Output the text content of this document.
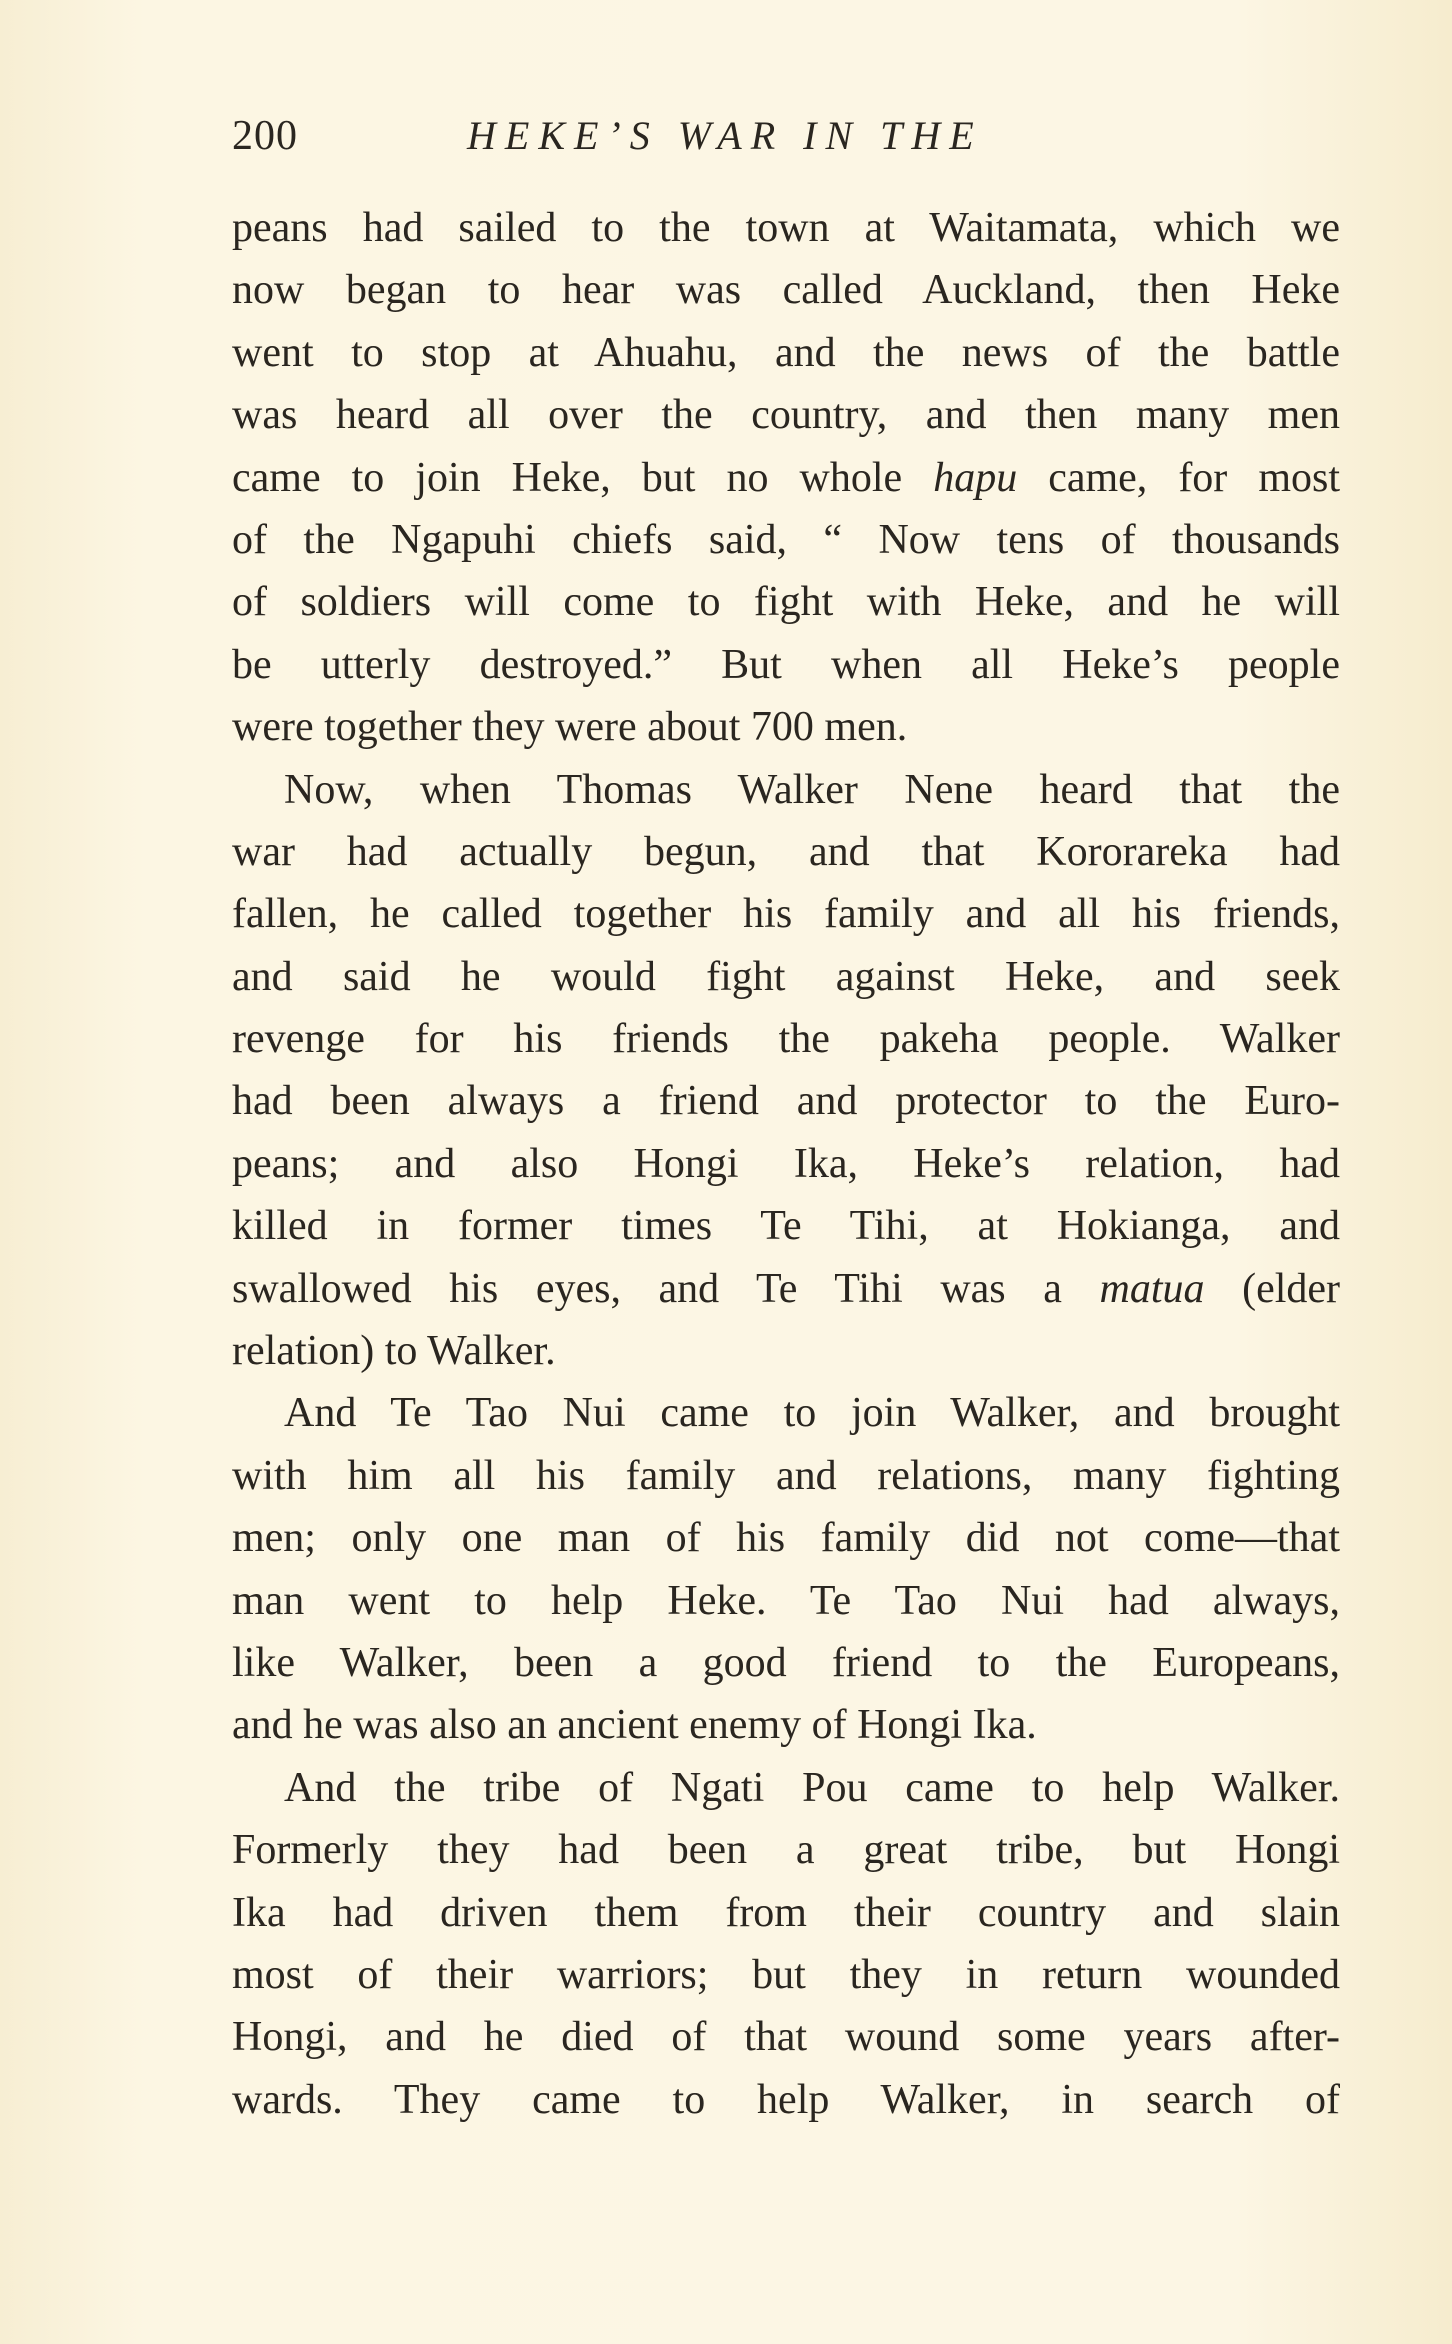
200	HEKE’S WAR IN THE
peans had sailed to the town at Waitamata, which we
now began to hear was called Auckland, then Heke
went to stop at Ahuahu, and the news of the battle
was heard all over the country, and then many men
came to join Heke, but no whole hapu came, for most
of the Ngapuhi chiefs said, “ Now tens of thousands
of soldiers will come to fight with Heke, and he will
be utterly destroyed.” But when all Heke’s people
were together they were about 700 men.
Now, when Thomas Walker Nene heard that the
war had actually begun, and that Kororareka had
fallen, he called together his family and all his friends,
and said he would fight against Heke, and seek
revenge for his friends the pakeha people. Walker
had been always a friend and protector to the Euro-
peans; and also Hongi Ika, Heke’s relation, had
killed in former times Te Tihi, at Hokianga, and
swallowed his eyes, and Te Tihi was a matua (elder
relation) to Walker.
And Te Tao Nui came to join Walker, and brought
with him all his family and relations, many fighting
men; only one man of his family did not come—that
man went to help Heke. Te Tao Nui had always,
like Walker, been a good friend to the Europeans,
and he was also an ancient enemy of Hongi Ika.
And the tribe of Ngati Pou came to help Walker.
Formerly they had been a great tribe, but Hongi
Ika had driven them from their country and slain
most of their warriors; but they in return wounded
Hongi, and he died of that wound some years after-
wards. They came to help Walker, in search of
